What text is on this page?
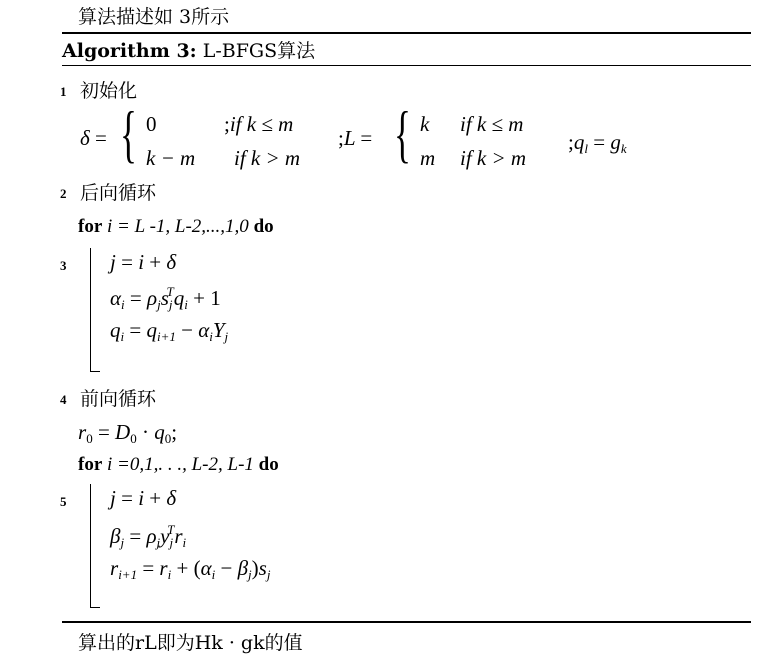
算法描述如 3所示
Algorithm 3: L-BFGS算法
1 初始化
δ = { 0	;if k ≤ m
k − m if k > m
;L = { k if k ≤ m
m if k > m
$;q_l = g_k$
2 后向循环
for i = L -1, L-2,...,1,0 do
3 j = i + δ
$\alpha_i = \rho_js_j^Tq_i + 1$
$q_i = q_{i+1} - \alpha_iY_j$
4 前向循环
$r_0 = D_0 \cdot q_0$;
for i =0,1,. . ., L-2, L-1 do
5 j = i + δ
$\beta_j = \rho_jy_j^Tr_i$
$r_{i+1} = r_i + (\alpha_i - \beta_j)s_j$
算出的rL即为Hk · gk的值
